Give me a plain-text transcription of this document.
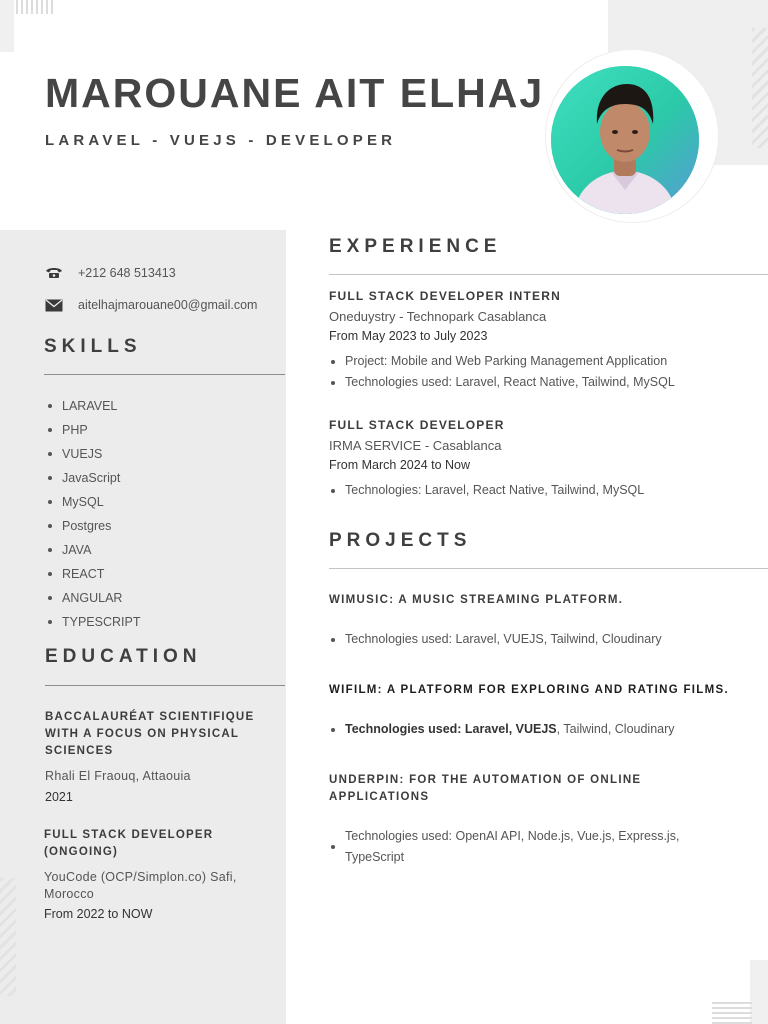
MAROUANE AIT ELHAJ
LARAVEL - VUEJS - DEVELOPER
+212 648 513413
aitelhajmarouane00@gmail.com
SKILLS
LARAVEL
PHP
VUEJS
JavaScript
MySQL
Postgres
JAVA
REACT
ANGULAR
TYPESCRIPT
EDUCATION
BACCALAURÉAT SCIENTIFIQUE WITH A FOCUS ON PHYSICAL SCIENCES
Rhali El Fraouq, Attaouia
2021
FULL STACK DEVELOPER (ONGOING)
YouCode (OCP/Simplon.co) Safi, Morocco
From 2022 to NOW
EXPERIENCE
FULL STACK DEVELOPER INTERN
Oneduystry - Technopark Casablanca
From May 2023 to July 2023
Project: Mobile and Web Parking Management Application
Technologies used: Laravel, React Native, Tailwind, MySQL
FULL STACK DEVELOPER
IRMA SERVICE - Casablanca
From March 2024 to Now
Technologies: Laravel, React Native, Tailwind, MySQL
PROJECTS
WIMUSIC: A MUSIC STREAMING PLATFORM.
Technologies used: Laravel, VUEJS, Tailwind, Cloudinary
WIFILM: A PLATFORM FOR EXPLORING AND RATING FILMS.
Technologies used: Laravel, VUEJS, Tailwind, Cloudinary
UNDERPIN: FOR THE AUTOMATION OF ONLINE APPLICATIONS
Technologies used: OpenAI API, Node.js, Vue.js, Express.js, TypeScript
